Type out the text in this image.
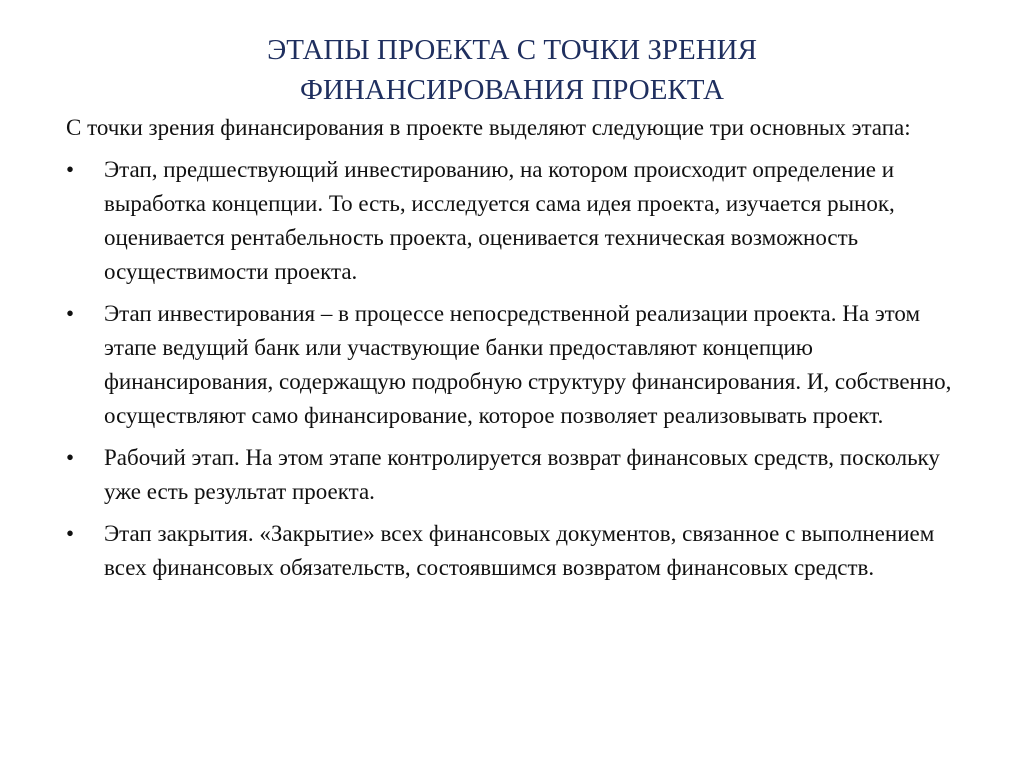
ЭТАПЫ ПРОЕКТА С ТОЧКИ ЗРЕНИЯ
ФИНАНСИРОВАНИЯ ПРОЕКТА

С точки зрения финансирования в проекте выделяют следующие три основных этапа:

•	Этап, предшествующий инвестированию, на котором происходит определение и выработка концепции. То есть, исследуется сама идея проекта, изучается рынок, оценивается рентабельность проекта, оценивается техническая возможность осуществимости проекта.
•	Этап инвестирования – в процессе непосредственной реализации проекта. На этом этапе ведущий банк или участвующие банки предоставляют концепцию финансирования, содержащую подробную структуру финансирования. И, собственно, осуществляют само финансирование, которое позволяет реализовывать проект.
•	Рабочий этап. На этом этапе контролируется возврат финансовых средств, поскольку уже есть результат проекта.
•	Этап закрытия. «Закрытие» всех финансовых документов, связанное с выполнением всех финансовых обязательств, состоявшимся возвратом финансовых средств.
